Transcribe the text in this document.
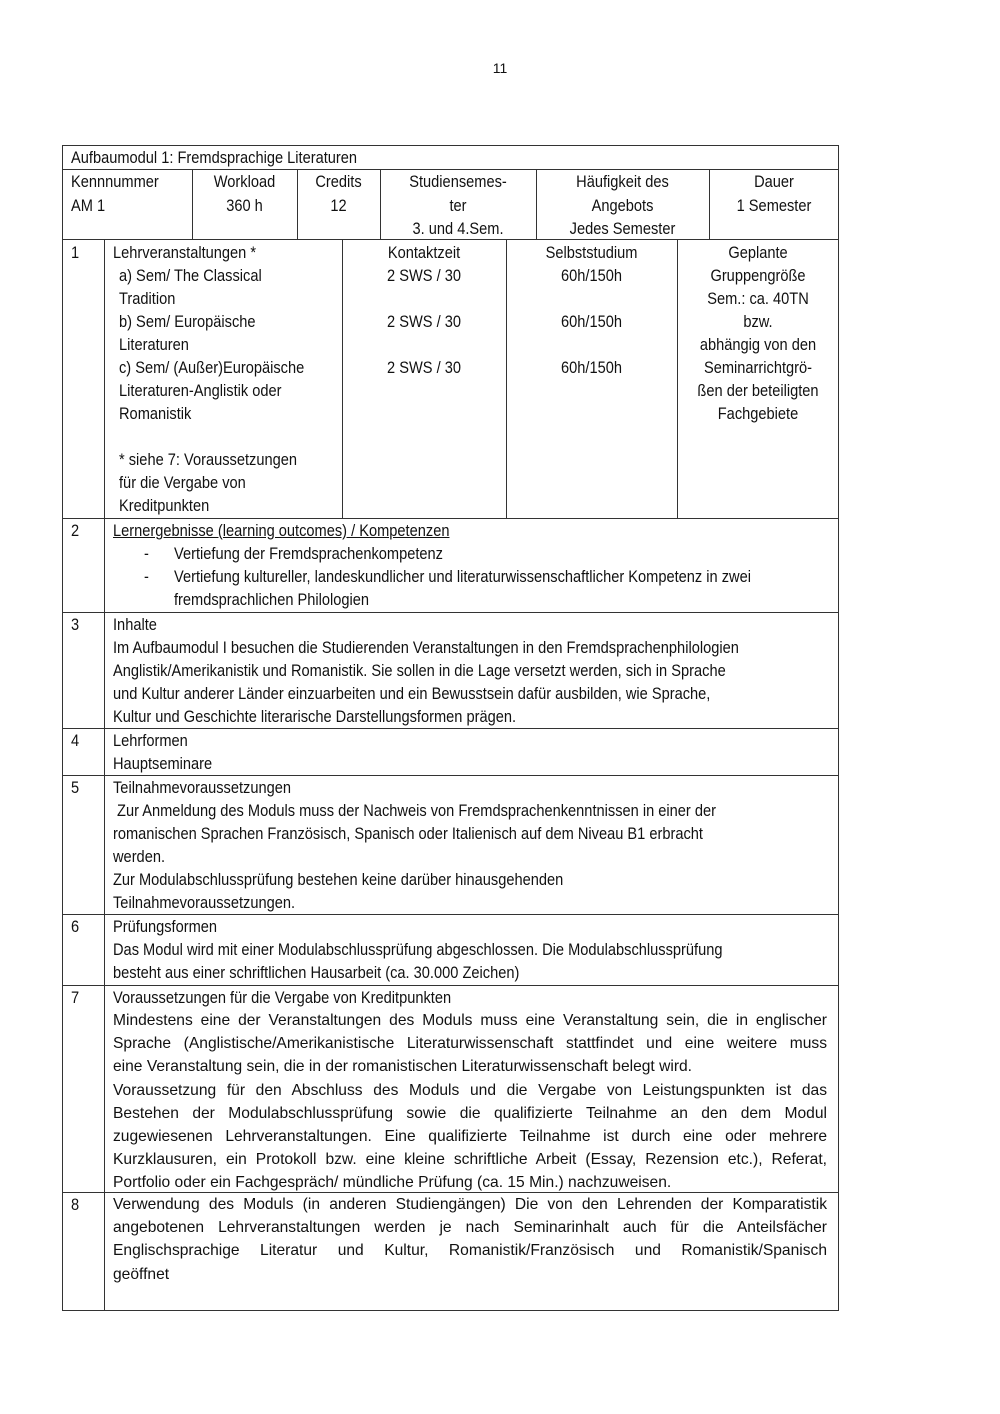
11
Aufbaumodul 1: Fremdsprachige Literaturen
Kennnummer
AM 1
Workload
360 h
Credits
12
Studiensemes-
ter
3. und 4.Sem.
Häufigkeit des
Angebots
Jedes Semester
Dauer
1 Semester
1 Lehrveranstaltungen *	Kontaktzeit	Selbststudium
a) Sem/ The Classical
Tradition
b) Sem/ Europäische
Literaturen
c) Sem/ (Außer)Europäische
Literaturen-Anglistik oder
Romanistik
2 SWS / 30
2 SWS / 30
2 SWS / 30
60h/150h
60h/150h
60h/150h
Geplante
Gruppengröße
Sem.: ca. 40TN
bzw.
abhängig von den
Seminarrichtgrö-
ßen der beteiligten
Fachgebiete
* siehe 7: Voraussetzungen
für die Vergabe von
Kreditpunkten
2 Lernergebnisse (learning outcomes) / Kompetenzen
- Vertiefung der Fremdsprachenkompetenz
- Vertiefung kultureller, landeskundlicher und literaturwissenschaftlicher Kompetenz in zwei
fremdsprachlichen Philologien
3 Inhalte
Im Aufbaumodul I besuchen die Studierenden Veranstaltungen in den Fremdsprachenphilologien
Anglistik/Amerikanistik und Romanistik. Sie sollen in die Lage versetzt werden, sich in Sprache
und Kultur anderer Länder einzuarbeiten und ein Bewusstsein dafür ausbilden, wie Sprache,
Kultur und Geschichte literarische Darstellungsformen prägen.
4 Lehrformen
Hauptseminare
5 Teilnahmevoraussetzungen
Zur Anmeldung des Moduls muss der Nachweis von Fremdsprachenkenntnissen in einer der
romanischen Sprachen Französisch, Spanisch oder Italienisch auf dem Niveau B1 erbracht
werden.
Zur Modulabschlussprüfung bestehen keine darüber hinausgehenden
Teilnahmevoraussetzungen.
6 Prüfungsformen
Das Modul wird mit einer Modulabschlussprüfung abgeschlossen. Die Modulabschlussprüfung
besteht aus einer schriftlichen Hausarbeit (ca. 30.000 Zeichen)
7 Voraussetzungen für die Vergabe von Kreditpunkten
Mindestens eine der Veranstaltungen des Moduls muss eine Veranstaltung sein, die in englischer
Sprache (Anglistische/Amerikanistische Literaturwissenschaft stattfindet und eine weitere muss
eine Veranstaltung sein, die in der romanistischen Literaturwissenschaft belegt wird.
Voraussetzung für den Abschluss des Moduls und die Vergabe von Leistungspunkten ist das
Bestehen der Modulabschlussprüfung sowie die qualifizierte Teilnahme an den dem Modul
zugewiesenen Lehrveranstaltungen. Eine qualifizierte Teilnahme ist durch eine oder mehrere
Kurzklausuren, ein Protokoll bzw. eine kleine schriftliche Arbeit (Essay, Rezension etc.), Referat,
Portfolio oder ein Fachgespräch/ mündliche Prüfung (ca. 15 Min.) nachzuweisen.
8 Verwendung des Moduls (in anderen Studiengängen) Die von den Lehrenden der Komparatistik
angebotenen Lehrveranstaltungen werden je nach Seminarinhalt auch für die Anteilsfächer
Englischsprachige Literatur und Kultur, Romanistik/Französisch und Romanistik/Spanisch
geöffnet
